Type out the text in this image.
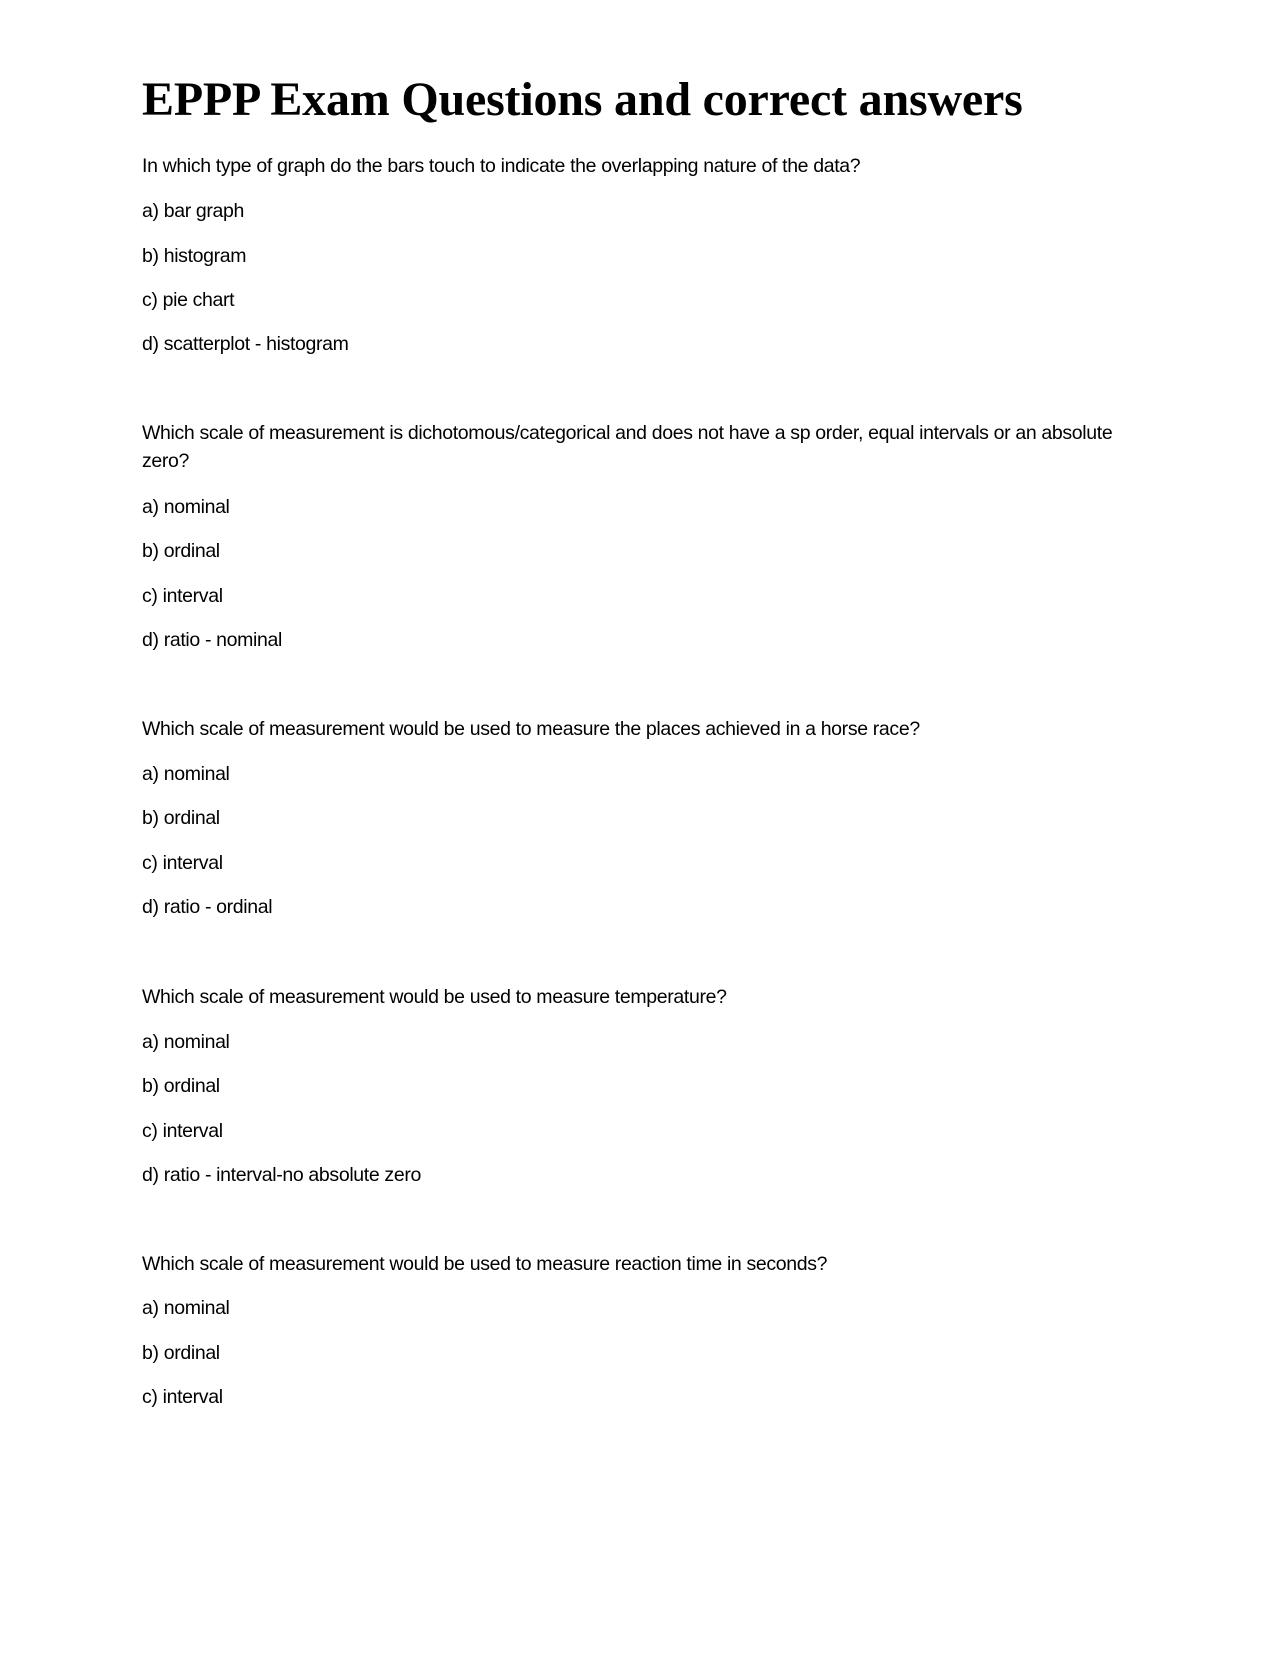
EPPP Exam Questions and correct answers
In which type of graph do the bars touch to indicate the overlapping nature of the data?
a) bar graph
b) histogram
c) pie chart
d) scatterplot - histogram
Which scale of measurement is dichotomous/categorical and does not have a sp order, equal intervals or an absolute zero?
a) nominal
b) ordinal
c) interval
d) ratio - nominal
Which scale of measurement would be used to measure the places achieved in a horse race?
a) nominal
b) ordinal
c) interval
d) ratio - ordinal
Which scale of measurement would be used to measure temperature?
a) nominal
b) ordinal
c) interval
d) ratio - interval-no absolute zero
Which scale of measurement would be used to measure reaction time in seconds?
a) nominal
b) ordinal
c) interval
